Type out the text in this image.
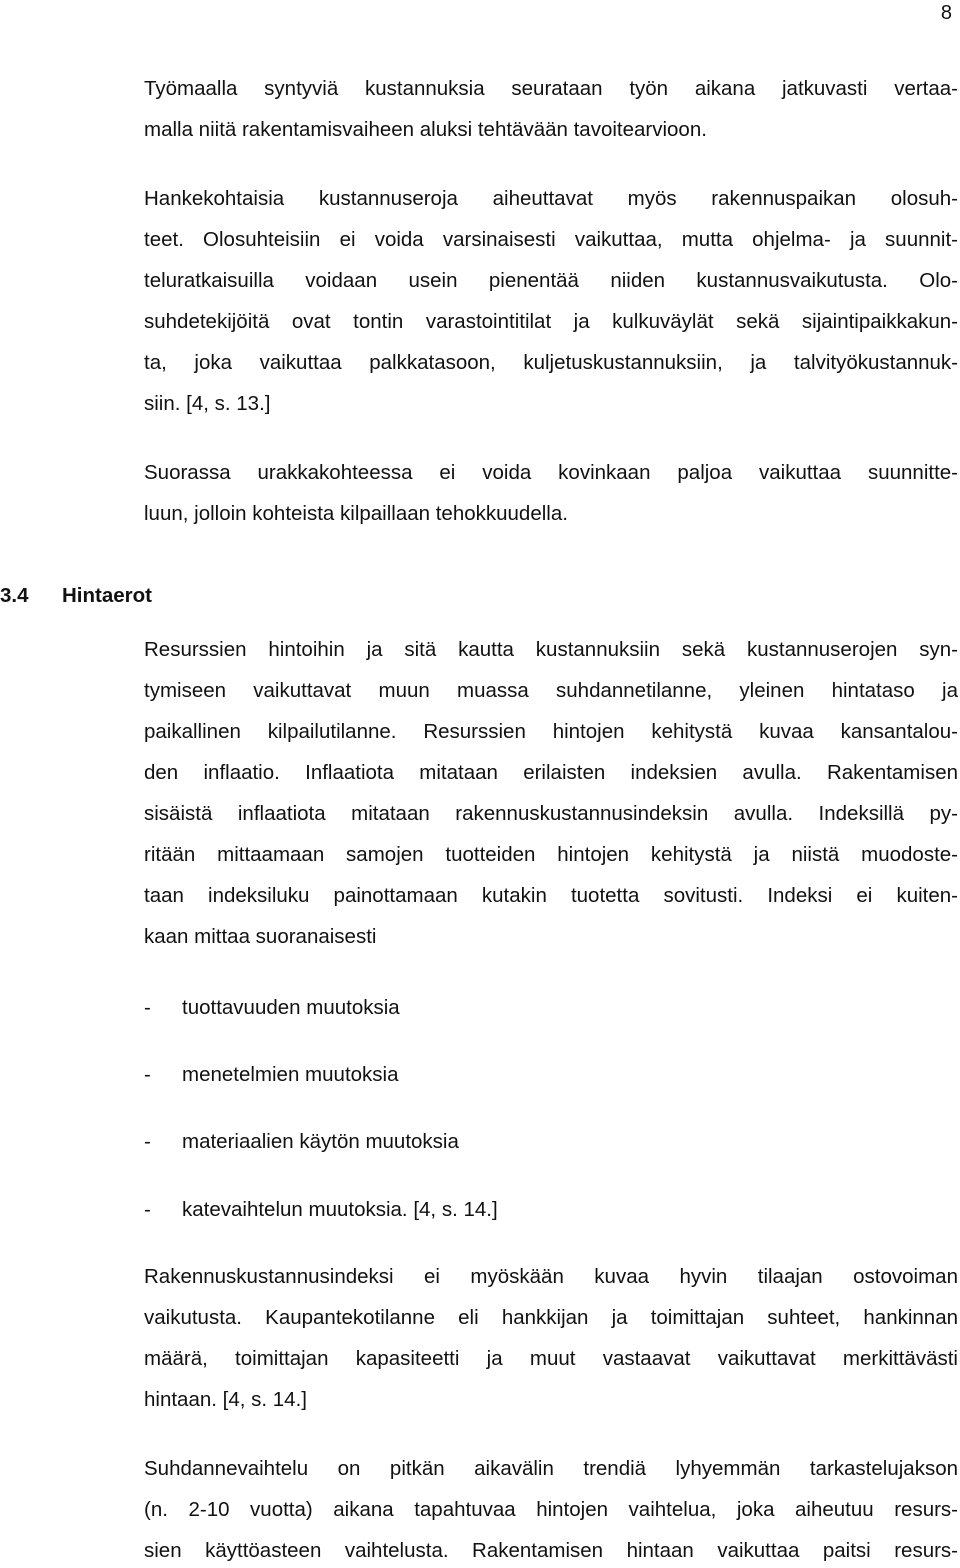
8
Työmaalla syntyviä kustannuksia seurataan työn aikana jatkuvasti vertaa-
malla niitä rakentamisvaiheen aluksi tehtävään tavoitearvioon.
Hankekohtaisia kustannuseroja aiheuttavat myös rakennuspaikan olosuh-
teet. Olosuhteisiin ei voida varsinaisesti vaikuttaa, mutta ohjelma- ja suunnit-
teluratkaisuilla voidaan usein pienentää niiden kustannusvaikutusta. Olo-
suhdetekijöitä ovat tontin varastointitilat ja kulkuväylät sekä sijaintipaikkakun-
ta, joka vaikuttaa palkkatasoon, kuljetuskustannuksiin, ja talvityökustannuk-
siin. [4, s. 13.]
Suorassa urakkakohteessa ei voida kovinkaan paljoa vaikuttaa suunnitte-
luun, jolloin kohteista kilpaillaan tehokkuudella.
3.4 Hintaerot
Resurssien hintoihin ja sitä kautta kustannuksiin sekä kustannuserojen syn-
tymiseen vaikuttavat muun muassa suhdannetilanne, yleinen hintataso ja
paikallinen kilpailutilanne. Resurssien hintojen kehitystä kuvaa kansantalou-
den inflaatio. Inflaatiota mitataan erilaisten indeksien avulla. Rakentamisen
sisäistä inflaatiota mitataan rakennuskustannusindeksin avulla. Indeksillä py-
ritään mittaamaan samojen tuotteiden hintojen kehitystä ja niistä muodoste-
taan indeksiluku painottamaan kutakin tuotetta sovitusti. Indeksi ei kuiten-
kaan mittaa suoranaisesti
- tuottavuuden muutoksia
- menetelmien muutoksia
- materiaalien käytön muutoksia
- katevaihtelun muutoksia. [4, s. 14.]
Rakennuskustannusindeksi ei myöskään kuvaa hyvin tilaajan ostovoiman
vaikutusta. Kaupantekotilanne eli hankkijan ja toimittajan suhteet, hankinnan
määrä, toimittajan kapasiteetti ja muut vastaavat vaikuttavat merkittävästi
hintaan. [4, s. 14.]
Suhdannevaihtelu on pitkän aikavälin trendiä lyhyemmän tarkastelujakson
(n. 2-10 vuotta) aikana tapahtuvaa hintojen vaihtelua, joka aiheutuu resurs-
sien käyttöasteen vaihtelusta. Rakentamisen hintaan vaikuttaa paitsi resurs-
